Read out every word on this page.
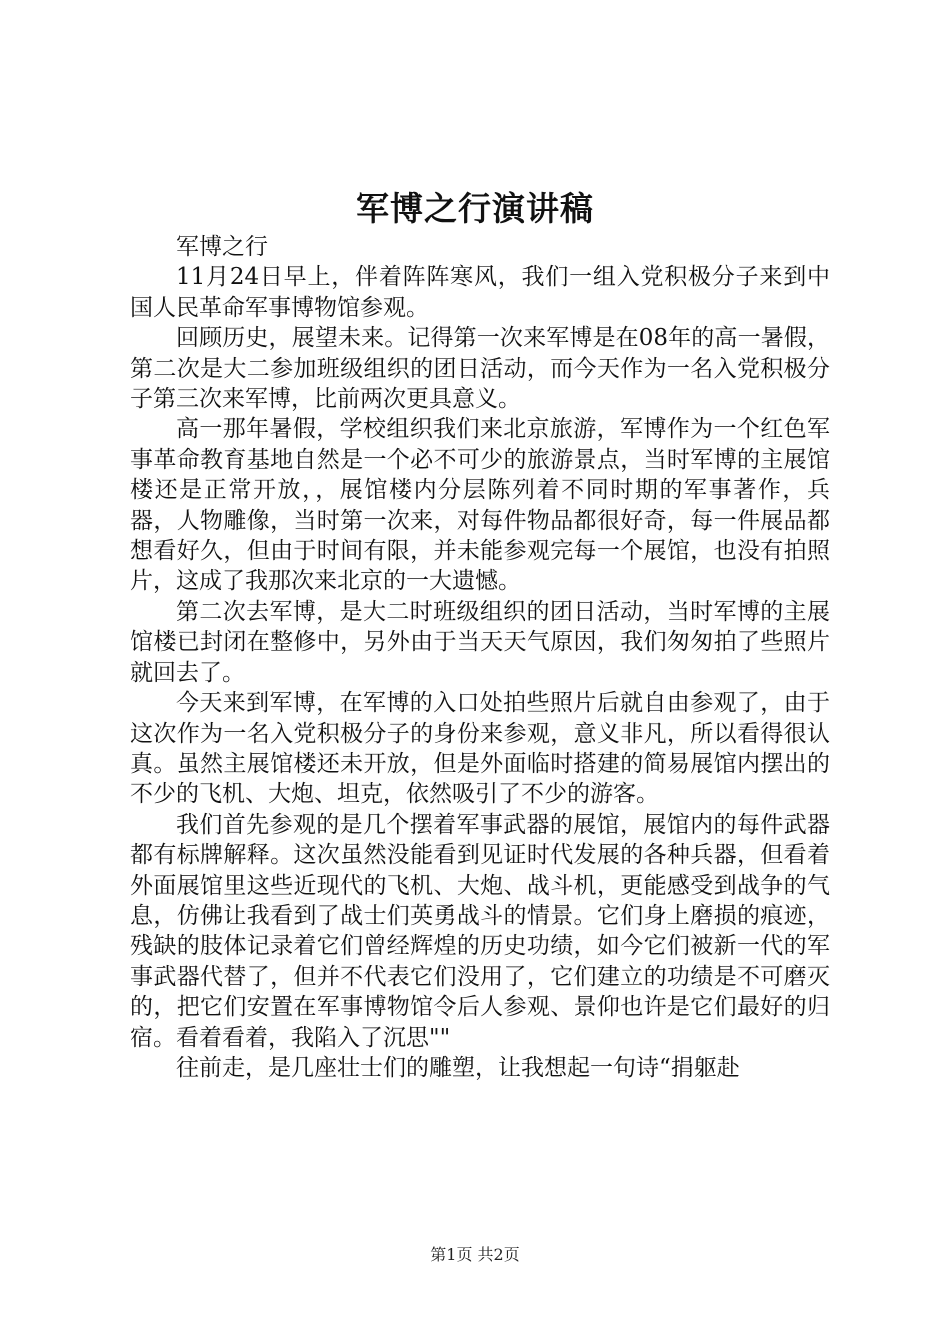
军博之行演讲稿

军博之行

11月24日早上，伴着阵阵寒风，我们一组入党积极分子来到中国人民革命军事博物馆参观。

回顾历史，展望未来。记得第一次来军博是在08年的高一暑假，第二次是大二参加班级组织的团日活动，而今天作为一名入党积极分子第三次来军博，比前两次更具意义。

高一那年暑假，学校组织我们来北京旅游，军博作为一个红色军事革命教育基地自然是一个必不可少的旅游景点，当时军博的主展馆楼还是正常开放，，展馆楼内分层陈列着不同时期的军事著作，兵器，人物雕像，当时第一次来，对每件物品都很好奇，每一件展品都想看好久，但由于时间有限，并未能参观完每一个展馆，也没有拍照片，这成了我那次来北京的一大遗憾。

第二次去军博，是大二时班级组织的团日活动，当时军博的主展馆楼已封闭在整修中，另外由于当天天气原因，我们匆匆拍了些照片就回去了。

今天来到军博，在军博的入口处拍些照片后就自由参观了，由于这次作为一名入党积极分子的身份来参观，意义非凡，所以看得很认真。虽然主展馆楼还未开放，但是外面临时搭建的简易展馆内摆出的不少的飞机、大炮、坦克，依然吸引了不少的游客。

我们首先参观的是几个摆着军事武器的展馆，展馆内的每件武器都有标牌解释。这次虽然没能看到见证时代发展的各种兵器，但看着外面展馆里这些近现代的飞机、大炮、战斗机，更能感受到战争的气息，仿佛让我看到了战士们英勇战斗的情景。它们身上磨损的痕迹，残缺的肢体记录着它们曾经辉煌的历史功绩，如今它们被新一代的军事武器代替了，但并不代表它们没用了，它们建立的功绩是不可磨灭的，把它们安置在军事博物馆令后人参观、景仰也许是它们最好的归宿。看着看着，我陷入了沉思""

往前走，是几座壮士们的雕塑，让我想起一句诗“捐躯赴

第1页 共2页
